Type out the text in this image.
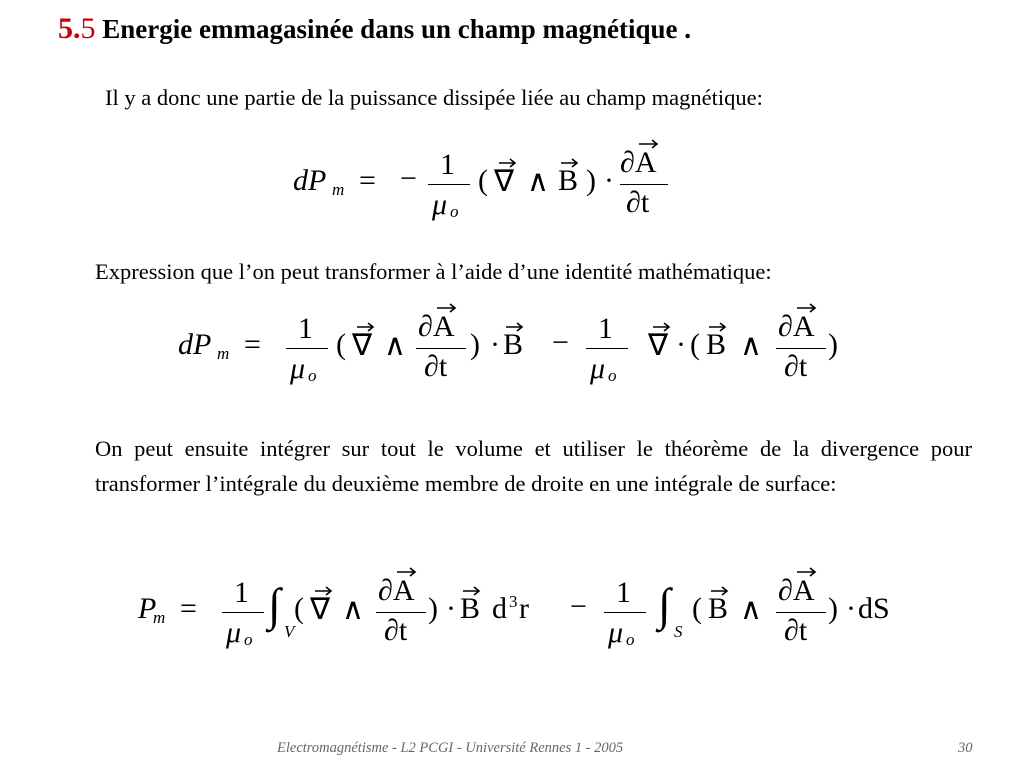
5.5 Energie emmagasinée dans un champ magnétique .
Il y a donc une partie de la puissance dissipée liée au champ magnétique:
dP m = − 1
μ o
( ∇ ∧ B ) ·
∂A
∂t
Expression que l’on peut transformer à l’aide d’une identité mathématique:
dP m = 1
μ o
( ∇ ∧
∂A
∂t
) · B − 1
μ o
∇ · ( B ∧
∂A
∂t
)
On peut ensuite intégrer sur tout le volume et utiliser le théorème de la divergence pour transformer l’intégrale du deuxième membre de droite en une intégrale de surface:
P
m = 1
μ o
∫
V
( ∇ ∧
∂A
∂t
) · B d 3 r − 1
μ o
∫
S
( B ∧
∂A
∂t
) · dS
Electromagnétisme - L2 PCGI - Université Rennes 1 - 2005	30
